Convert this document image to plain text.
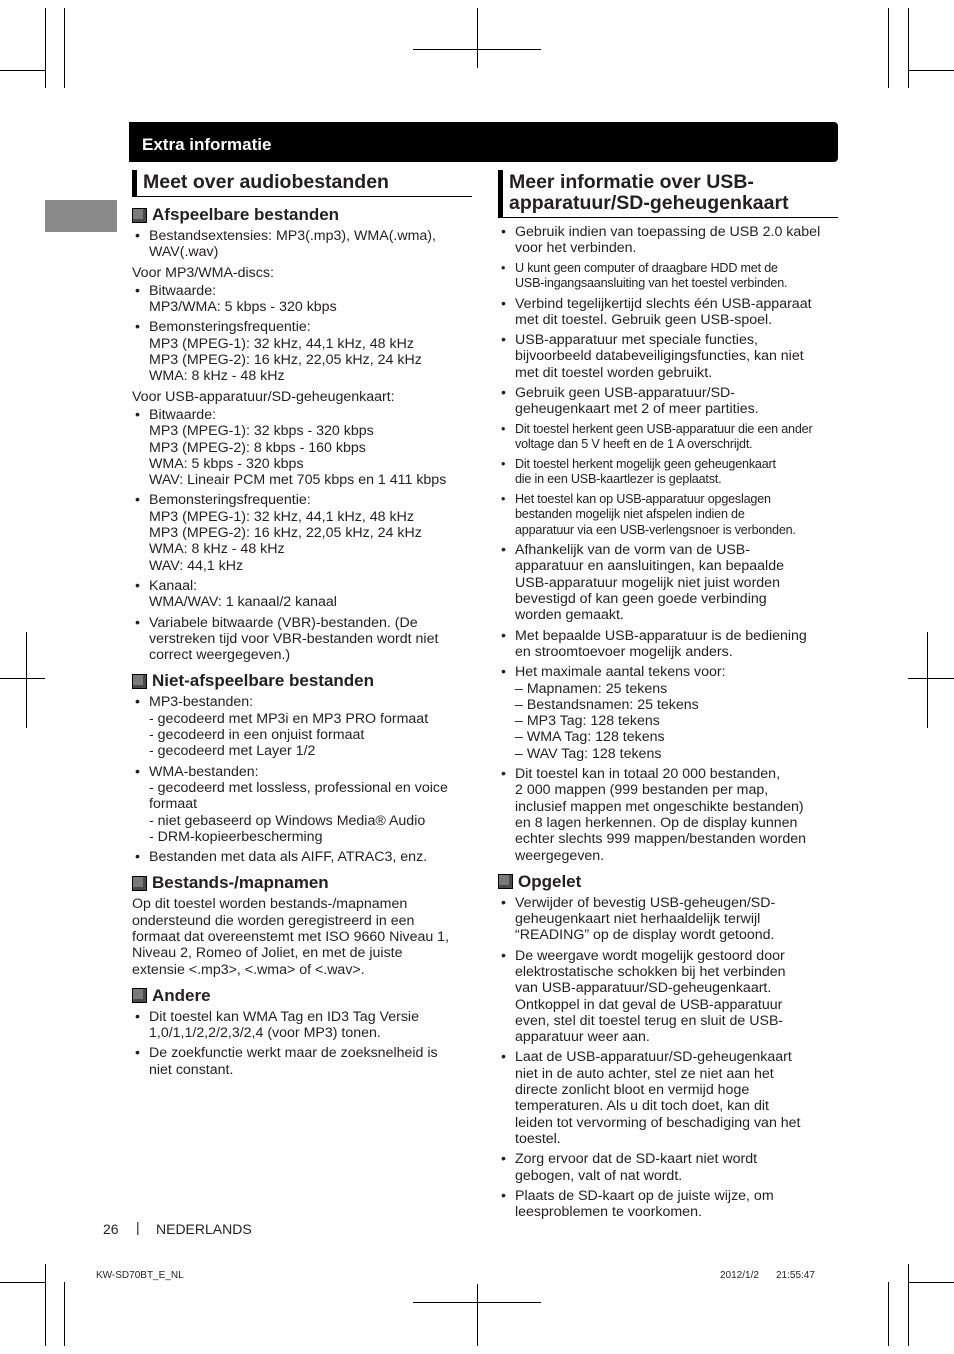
Extra informatie
Meet over audiobestanden
Afspeelbare bestanden
• Bestandsextensies: MP3(.mp3), WMA(.wma),
WAV(.wav)
Voor MP3/WMA-discs:
• Bitwaarde:
MP3/WMA: 5 kbps - 320 kbps
• Bemonsteringsfrequentie:
MP3 (MPEG-1): 32 kHz, 44,1 kHz, 48 kHz
MP3 (MPEG-2): 16 kHz, 22,05 kHz, 24 kHz
WMA: 8 kHz - 48 kHz
Voor USB-apparatuur/SD-geheugenkaart:
• Bitwaarde:
MP3 (MPEG-1): 32 kbps - 320 kbps
MP3 (MPEG-2): 8 kbps - 160 kbps
WMA: 5 kbps - 320 kbps
WAV: Lineair PCM met 705 kbps en 1 411 kbps
• Bemonsteringsfrequentie:
MP3 (MPEG-1): 32 kHz, 44,1 kHz, 48 kHz
MP3 (MPEG-2): 16 kHz, 22,05 kHz, 24 kHz
WMA: 8 kHz - 48 kHz
WAV: 44,1 kHz
• Kanaal:
WMA/WAV: 1 kanaal/2 kanaal
• Variabele bitwaarde (VBR)-bestanden. (De
verstreken tijd voor VBR-bestanden wordt niet
correct weergegeven.)
Niet-afspeelbare bestanden
• MP3-bestanden:
- gecodeerd met MP3i en MP3 PRO formaat
- gecodeerd in een onjuist formaat
- gecodeerd met Layer 1/2
• WMA-bestanden:
- gecodeerd met lossless, professional en voice
formaat
- niet gebaseerd op Windows Media® Audio
- DRM-kopieerbescherming
• Bestanden met data als AIFF, ATRAC3, enz.
Bestands-/mapnamen
Op dit toestel worden bestands-/mapnamen
ondersteund die worden geregistreerd in een
formaat dat overeenstemt met ISO 9660 Niveau 1,
Niveau 2, Romeo of Joliet, en met de juiste
extensie <.mp3>, <.wma> of <.wav>.
Andere
• Dit toestel kan WMA Tag en ID3 Tag Versie
1,0/1,1/2,2/2,3/2,4 (voor MP3) tonen.
• De zoekfunctie werkt maar de zoeksnelheid is
niet constant.
Meer informatie over USB-
apparatuur/SD-geheugenkaart
• Gebruik indien van toepassing de USB 2.0 kabel
voor het verbinden.
• U kunt geen computer of draagbare HDD met de
USB-ingangsaansluiting van het toestel verbinden.
• Verbind tegelijkertijd slechts één USB-apparaat
met dit toestel. Gebruik geen USB-spoel.
• USB-apparatuur met speciale functies,
bijvoorbeeld databeveiligingsfuncties, kan niet
met dit toestel worden gebruikt.
• Gebruik geen USB-apparatuur/SD-
geheugenkaart met 2 of meer partities.
• Dit toestel herkent geen USB-apparatuur die een ander
voltage dan 5 V heeft en de 1 A overschrijdt.
• Dit toestel herkent mogelijk geen geheugenkaart
die in een USB-kaartlezer is geplaatst.
• Het toestel kan op USB-apparatuur opgeslagen
bestanden mogelijk niet afspelen indien de
apparatuur via een USB-verlengsnoer is verbonden.
• Afhankelijk van de vorm van de USB-
apparatuur en aansluitingen, kan bepaalde
USB-apparatuur mogelijk niet juist worden
bevestigd of kan geen goede verbinding
worden gemaakt.
• Met bepaalde USB-apparatuur is de bediening
en stroomtoevoer mogelijk anders.
• Het maximale aantal tekens voor:
– Mapnamen: 25 tekens
– Bestandsnamen: 25 tekens
– MP3 Tag: 128 tekens
– WMA Tag: 128 tekens
– WAV Tag: 128 tekens
• Dit toestel kan in totaal 20 000 bestanden,
2 000 mappen (999 bestanden per map,
inclusief mappen met ongeschikte bestanden)
en 8 lagen herkennen. Op de display kunnen
echter slechts 999 mappen/bestanden worden
weergegeven.
Opgelet
• Verwijder of bevestig USB-geheugen/SD-
geheugenkaart niet herhaaldelijk terwijl
“READING” op de display wordt getoond.
• De weergave wordt mogelijk gestoord door
elektrostatische schokken bij het verbinden
van USB-apparatuur/SD-geheugenkaart.
Ontkoppel in dat geval de USB-apparatuur
even, stel dit toestel terug en sluit de USB-
apparatuur weer aan.
• Laat de USB-apparatuur/SD-geheugenkaart
niet in de auto achter, stel ze niet aan het
directe zonlicht bloot en vermijd hoge
temperaturen. Als u dit toch doet, kan dit
leiden tot vervorming of beschadiging van het
toestel.
• Zorg ervoor dat de SD-kaart niet wordt
gebogen, valt of nat wordt.
• Plaats de SD-kaart op de juiste wijze, om
leesproblemen te voorkomen.
26 | NEDERLANDS
KW-SD70BT_E_NL	2012/1/2 21:55:47
